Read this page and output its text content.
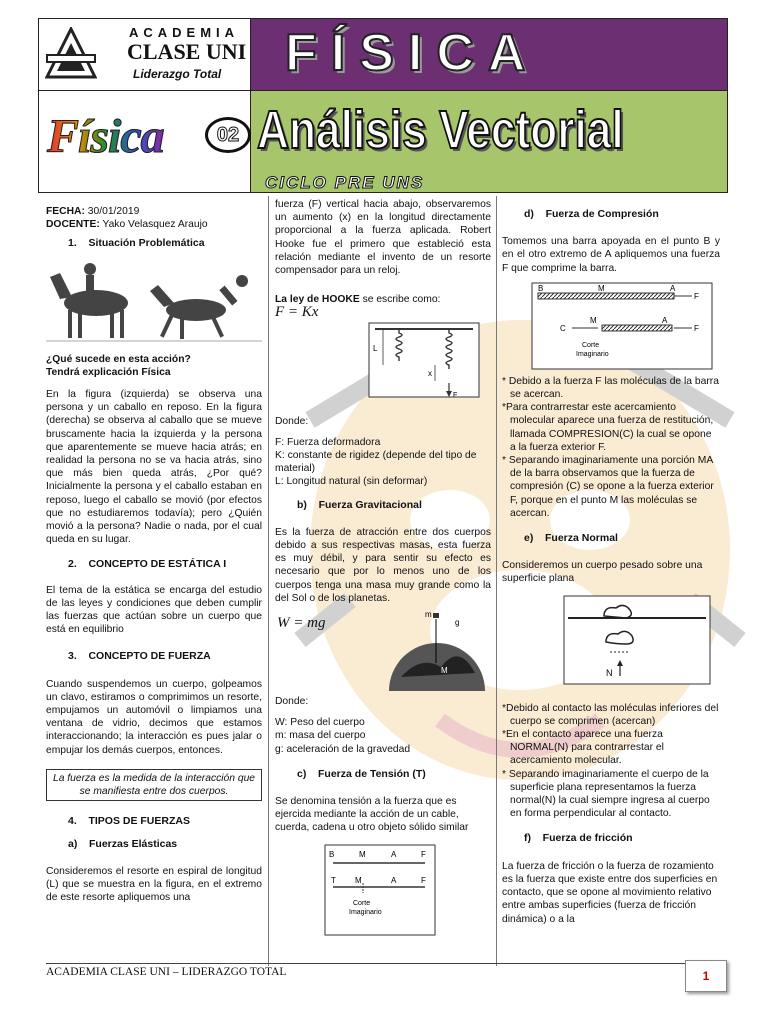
ACADEMIA
CLASE UNI
Liderazgo Total FÍSICA
Física	02 Análisis Vectorial
CICLO PRE UNS

FECHA: 30/01/2019

DOCENTE: Yako Velasquez Araujo

1. Situación Problemática

¿Qué sucede en esta acción?

Tendrá explicación Física

En la figura (izquierda) se observa una persona y un caballo en reposo. En la figura (derecha) se observa al caballo que se mueve bruscamente hacia la izquierda y la persona que aparentemente se mueve hacia atrás; en realidad la persona no se va hacia atrás, sino que más bien queda atrás, ¿Por qué? Inicialmente la persona y el caballo estaban en reposo, luego el caballo se movió (por efectos que no estudiaremos todavía); pero ¿Quién movió a la persona? Nadie o nada, por el cual queda en su lugar.

2. CONCEPTO DE ESTÁTICA I

El tema de la estática se encarga del estudio de las leyes y condiciones que deben cumplir las fuerzas que actúan sobre un cuerpo que está en equilibrio

3. CONCEPTO DE FUERZA

Cuando suspendemos un cuerpo, golpeamos un clavo, estiramos o comprimimos un resorte, empujamos un automóvil o limpiamos una ventana de vidrio, decimos que estamos interaccionando; la interacción es pues jalar o empujar los demás cuerpos, entonces.

La fuerza es la medida de la interacción que se manifiesta entre dos cuerpos.

4. TIPOS DE FUERZAS

a) Fuerzas Elásticas

Consideremos el resorte en espiral de longitud (L) que se muestra en la figura, en el extremo de este resorte apliquemos una

fuerza (F) vertical hacia abajo, observaremos un aumento (x) en la longitud directamente proporcional a la fuerza aplicada. Robert Hooke fue el primero que estableció esta relación mediante el invento de un resorte compensador para un reloj.

La ley de HOOKE se escribe como:

F = Kx

L
x
F

Donde:

F: Fuerza deformadora

K: constante de rigidez (depende del tipo de material)

L: Longitud natural (sin deformar)

b) Fuerza Gravitacional

Es la fuerza de atracción entre dos cuerpos debido a sus respectivas masas, esta fuerza es muy débil, y para sentir su efecto es necesario que por lo menos uno de los cuerpos tenga una masa muy grande como la del Sol o de los planetas.

W = mg

m
g
W
M

Donde:

W: Peso del cuerpo

m: masa del cuerpo

g: aceleración de la gravedad

c) Fuerza de Tensión (T)

Se denomina tensión a la fuerza que es ejercida mediante la acción de un cable, cuerda, cadena u otro objeto sólido similar

B	M	A	F
T M	A	F
Corte
Imaginario

d) Fuerza de Compresión

Tomemos una barra apoyada en el punto B y en el otro extremo de A apliquemos una fuerza F que comprime la barra.

B	M	A
F
C
M	A
F
Corte
Imaginario

* Debido a la fuerza F las moléculas de la barra se acercan.

*Para contrarrestar este acercamiento molecular aparece una fuerza de restitución, llamada COMPRESION(C) la cual se opone a la fuerza exterior F.

* Separando imaginariamente una porción MA de la barra observamos que la fuerza de compresión (C) se opone a la fuerza exterior F, porque en el punto M las moléculas se acercan.

e) Fuerza Normal

Consideremos un cuerpo pesado sobre una superficie plana

N

*Debido al contacto las moléculas inferiores del cuerpo se comprimen (acercan)

*En el contacto aparece una fuerza NORMAL(N) para contrarrestar el acercamiento molecular.

* Separando imaginariamente el cuerpo de la superficie plana representamos la fuerza normal(N) la cual siempre ingresa al cuerpo en forma perpendicular al contacto.

f) Fuerza de fricción

La fuerza de fricción o la fuerza de rozamiento es la fuerza que existe entre dos superficies en contacto, que se opone al movimiento relativo entre ambas superficies (fuerza de fricción dinámica) o a la

ACADEMIA CLASE UNI – LIDERAZGO TOTAL	1
